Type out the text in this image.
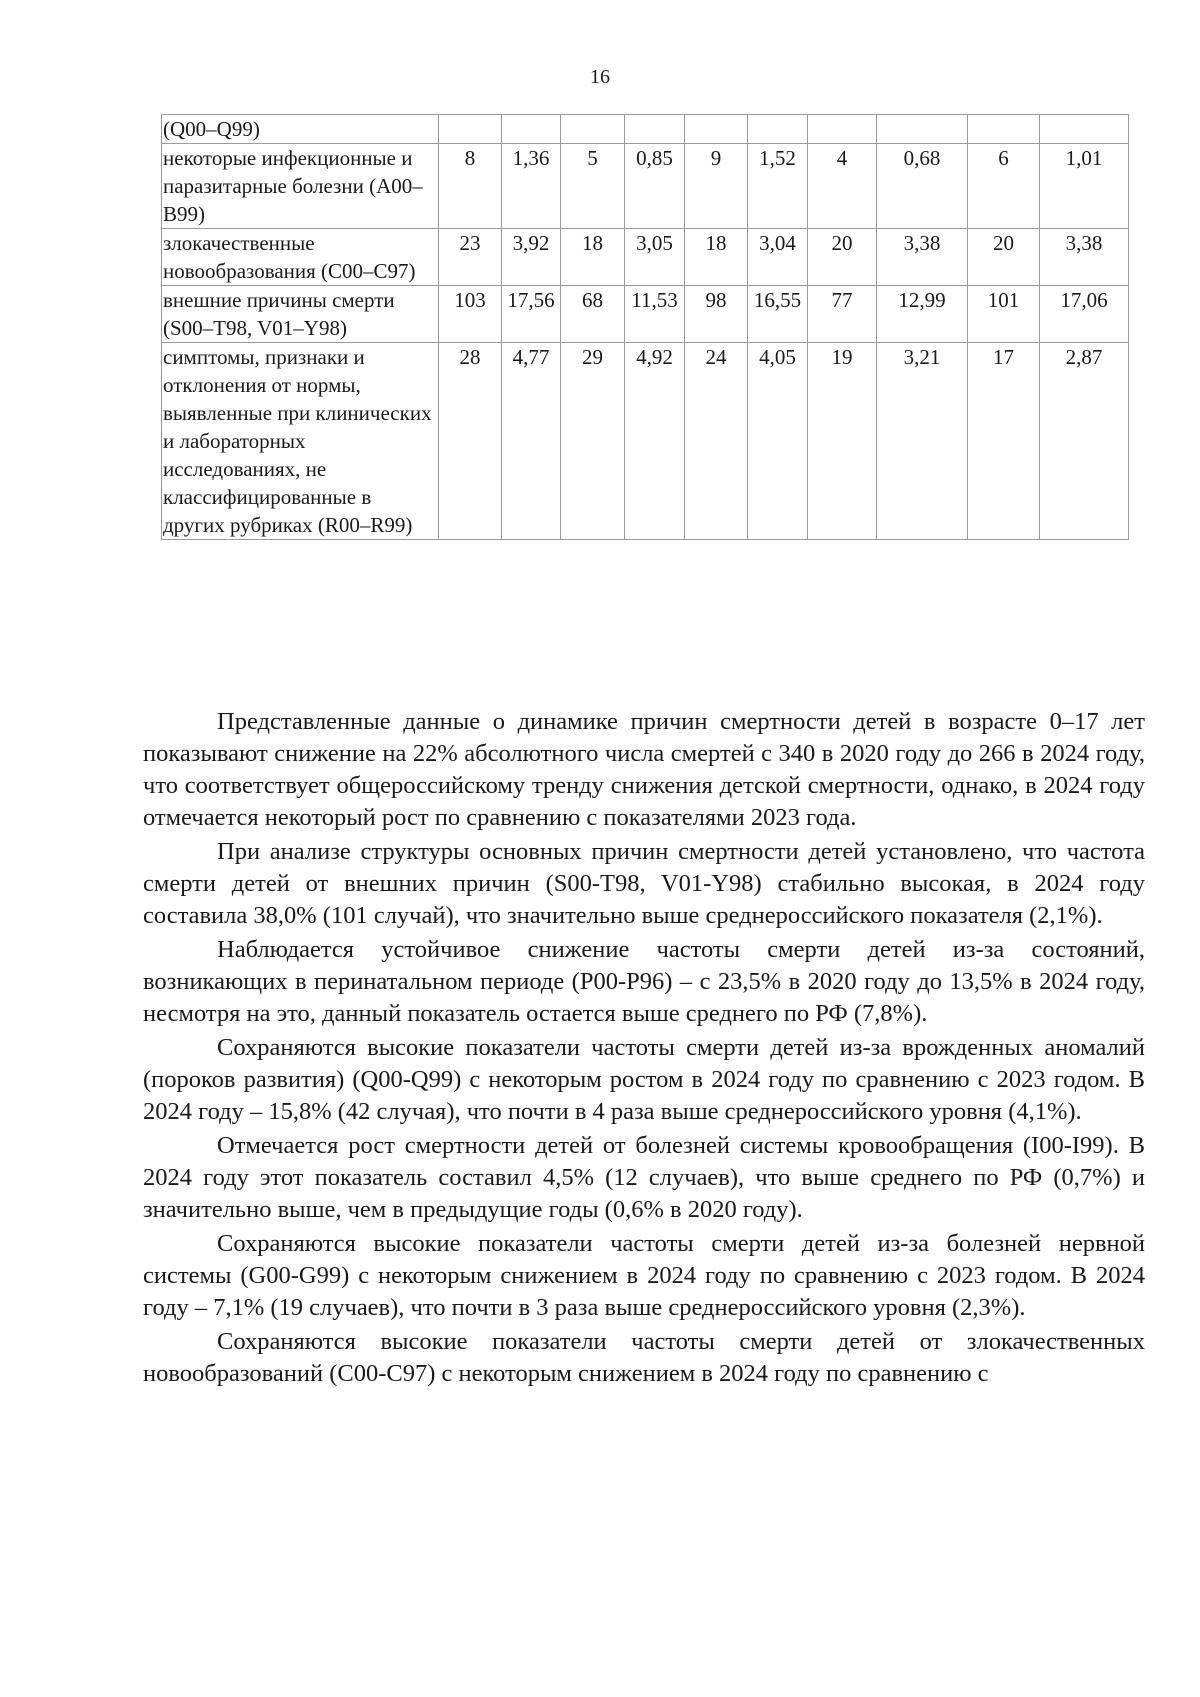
16
(Q00–Q99)										
некоторые инфекционные и паразитарные болезни (A00–B99)	8	1,36	5	0,85	9	1,52	4	0,68	6	1,01
злокачественные новообразования (C00–C97)	23	3,92	18	3,05	18	3,04	20	3,38	20	3,38
внешние причины смерти (S00–T98, V01–Y98)	103	17,56	68	11,53	98	16,55	77	12,99	101	17,06
симптомы, признаки и отклонения от нормы, выявленные при клинических и лабораторных исследованиях, не классифицированные в других рубриках (R00–R99)	28	4,77	29	4,92	24	4,05	19	3,21	17	2,87

Представленные данные о динамике причин смертности детей в возрасте 0–17 лет показывают снижение на 22% абсолютного числа смертей с 340 в 2020 году до 266 в 2024 году, что соответствует общероссийскому тренду снижения детской смертности, однако, в 2024 году отмечается некоторый рост по сравнению с показателями 2023 года.

При анализе структуры основных причин смертности детей установлено, что частота смерти детей от внешних причин (S00-T98, V01-Y98) стабильно высокая, в 2024 году составила 38,0% (101 случай), что значительно выше среднероссийского показателя (2,1%).

Наблюдается устойчивое снижение частоты смерти детей из-за состояний, возникающих в перинатальном периоде (P00-P96) – с 23,5% в 2020 году до 13,5% в 2024 году, несмотря на это, данный показатель остается выше среднего по РФ (7,8%).

Сохраняются высокие показатели частоты смерти детей из-за врожденных аномалий (пороков развития) (Q00-Q99) с некоторым ростом в 2024 году по сравнению с 2023 годом. В 2024 году – 15,8% (42 случая), что почти в 4 раза выше среднероссийского уровня (4,1%).

Отмечается рост смертности детей от болезней системы кровообращения (I00-I99). В 2024 году этот показатель составил 4,5% (12 случаев), что выше среднего по РФ (0,7%) и значительно выше, чем в предыдущие годы (0,6% в 2020 году).

Сохраняются высокие показатели частоты смерти детей из-за болезней нервной системы (G00-G99) с некоторым снижением в 2024 году по сравнению с 2023 годом. В 2024 году – 7,1% (19 случаев), что почти в 3 раза выше среднероссийского уровня (2,3%).

Сохраняются высокие показатели частоты смерти детей от злокачественных новообразований (C00-C97) с некоторым снижением в 2024 году по сравнению с
